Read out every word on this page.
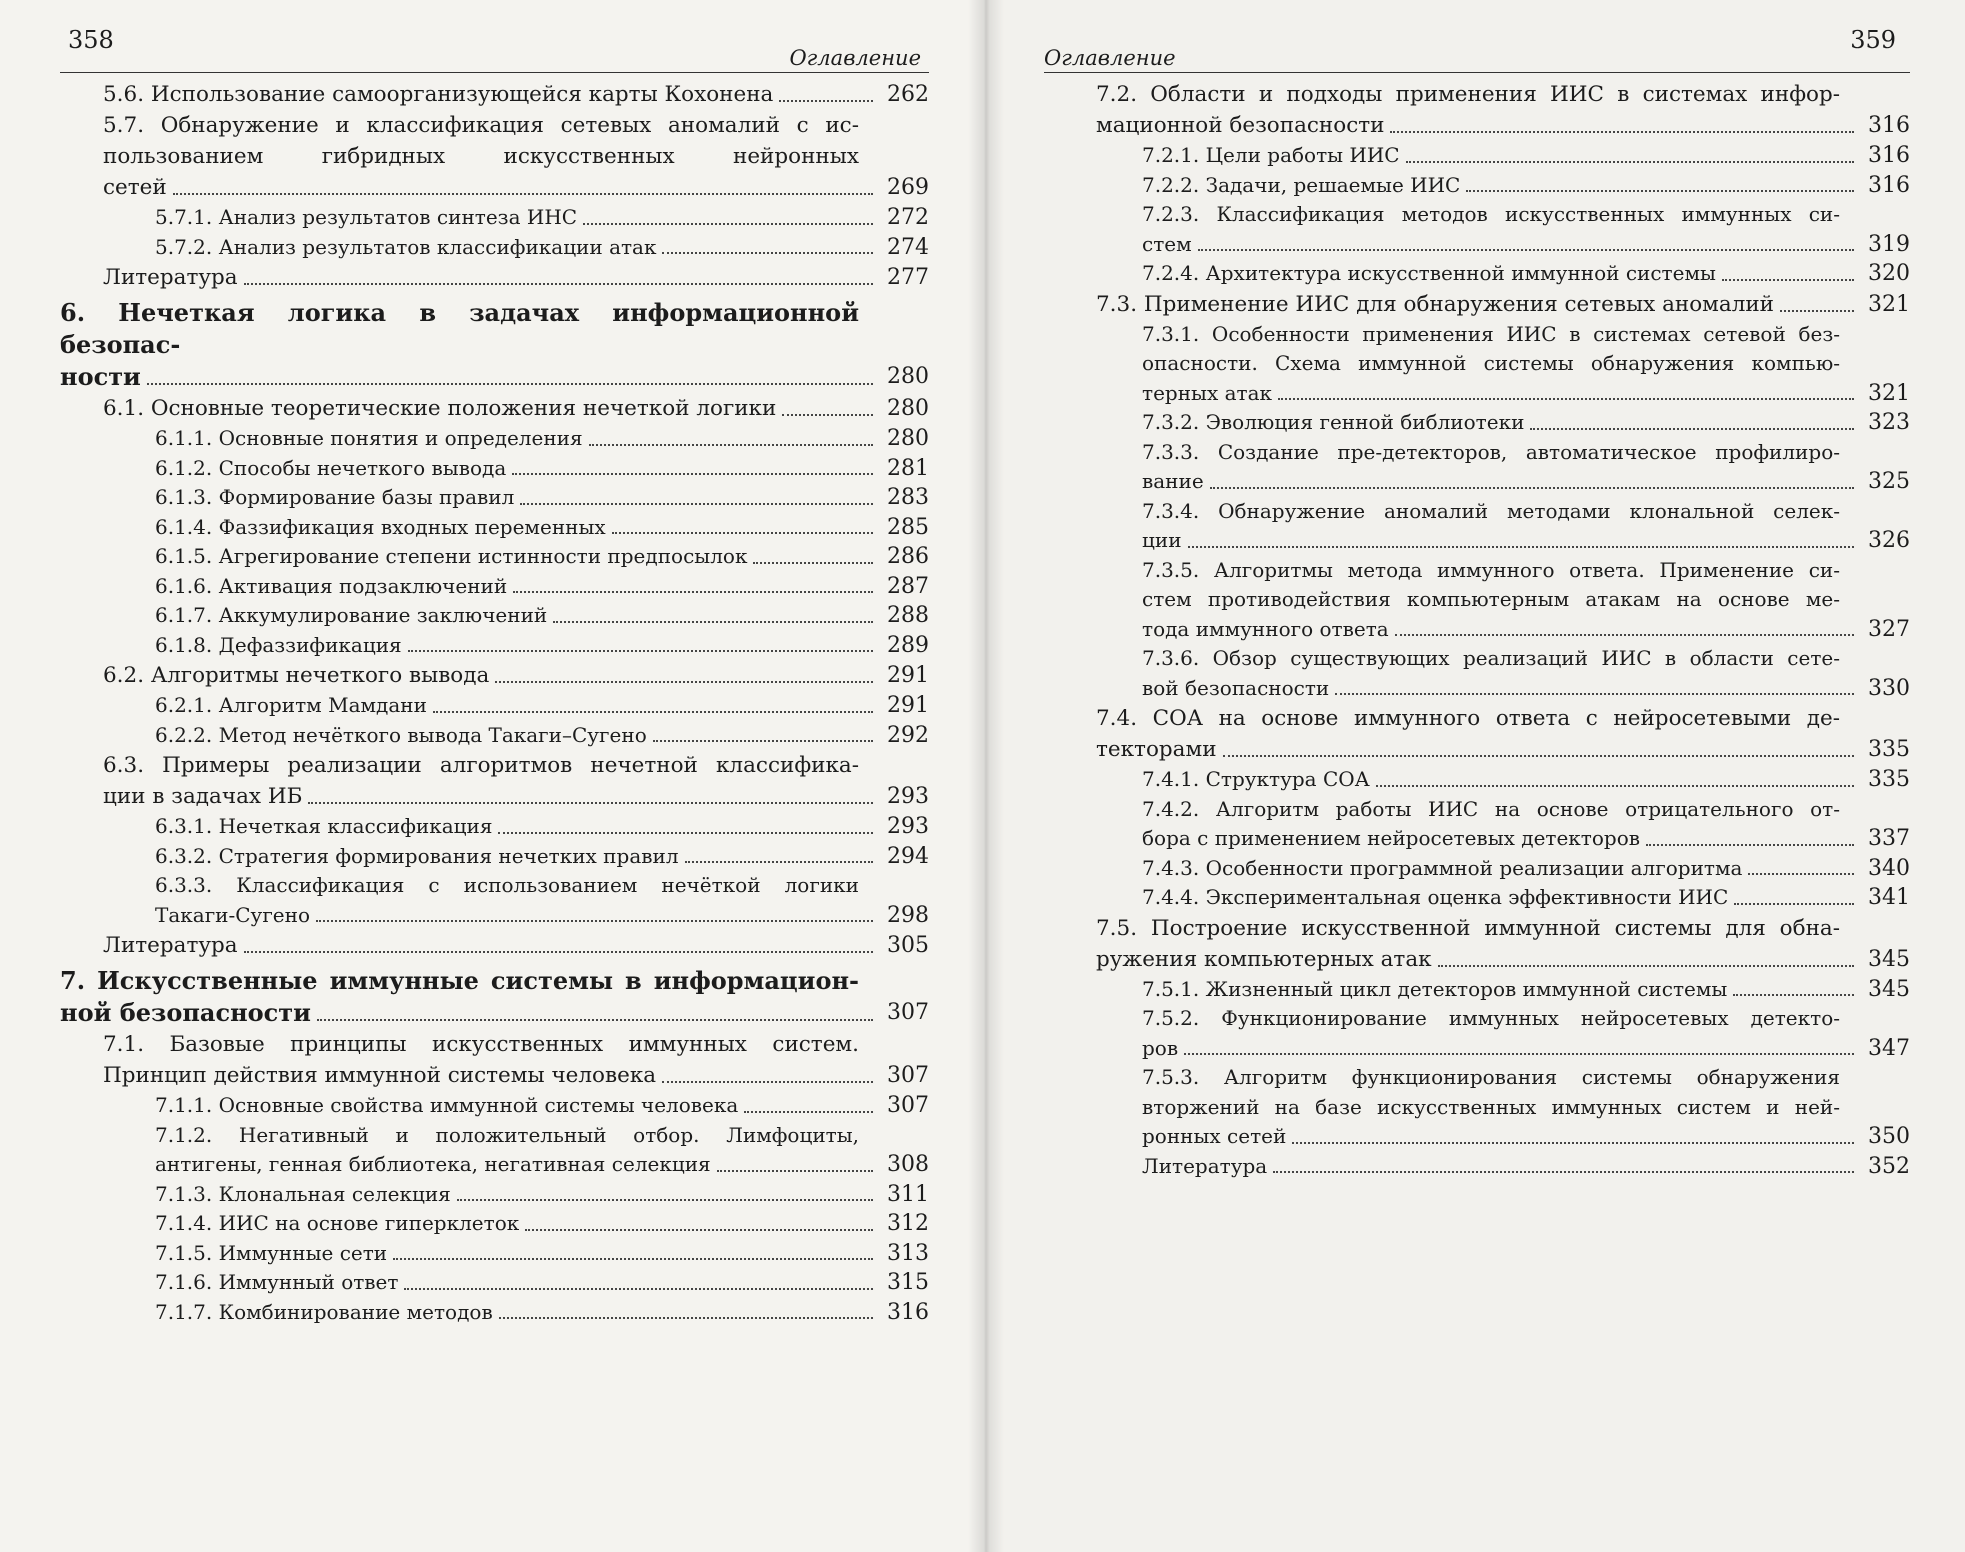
358
Оглавление
5.6. Использование самоорганизующейся карты Кохонена	262
5.7. Обнаружение и классификация сетевых аномалий с ис-
пользованием гибридных искусственных нейронных
сетей	269
5.7.1. Анализ результатов синтеза ИНС	272
5.7.2. Анализ результатов классификации атак	274
Литература	277
6. Нечеткая логика в задачах информационной безопас-
ности	280
6.1. Основные теоретические положения нечеткой логики	280
6.1.1. Основные понятия и определения	280
6.1.2. Способы нечеткого вывода	281
6.1.3. Формирование базы правил	283
6.1.4. Фаззификация входных переменных	285
6.1.5. Агрегирование степени истинности предпосылок	286
6.1.6. Активация подзаключений	287
6.1.7. Аккумулирование заключений	288
6.1.8. Дефаззификация	289
6.2. Алгоритмы нечеткого вывода	291
6.2.1. Алгоритм Мамдани	291
6.2.2. Метод нечёткого вывода Такаги–Сугено	292
6.3. Примеры реализации алгоритмов нечетной классифика-
ции в задачах ИБ	293
6.3.1. Нечеткая классификация	293
6.3.2. Стратегия формирования нечетких правил	294
6.3.3. Классификация с использованием нечёткой логики
Такаги-Сугено	298
Литература	305
7. Искусственные иммунные системы в информацион-
ной безопасности	307
7.1. Базовые принципы искусственных иммунных систем.
Принцип действия иммунной системы человека	307
7.1.1. Основные свойства иммунной системы человека	307
7.1.2. Негативный и положительный отбор. Лимфоциты,
антигены, генная библиотека, негативная селекция	308
7.1.3. Клональная селекция	311
7.1.4. ИИС на основе гиперклеток	312
7.1.5. Иммунные сети	313
7.1.6. Иммунный ответ	315
7.1.7. Комбинирование методов	316
Оглавление
359
7.2. Области и подходы применения ИИС в системах инфор-
мационной безопасности	316
7.2.1. Цели работы ИИС	316
7.2.2. Задачи, решаемые ИИС	316
7.2.3. Классификация методов искусственных иммунных си-
стем	319
7.2.4. Архитектура искусственной иммунной системы	320
7.3. Применение ИИС для обнаружения сетевых аномалий	321
7.3.1. Особенности применения ИИС в системах сетевой без-
опасности. Схема иммунной системы обнаружения компью-
терных атак	321
7.3.2. Эволюция генной библиотеки	323
7.3.3. Создание пре-детекторов, автоматическое профилиро-
вание	325
7.3.4. Обнаружение аномалий методами клональной селек-
ции	326
7.3.5. Алгоритмы метода иммунного ответа. Применение си-
стем противодействия компьютерным атакам на основе ме-
тода иммунного ответа	327
7.3.6. Обзор существующих реализаций ИИС в области сете-
вой безопасности	330
7.4. СОА на основе иммунного ответа с нейросетевыми де-
текторами	335
7.4.1. Структура СОА	335
7.4.2. Алгоритм работы ИИС на основе отрицательного от-
бора с применением нейросетевых детекторов	337
7.4.3. Особенности программной реализации алгоритма	340
7.4.4. Экспериментальная оценка эффективности ИИС	341
7.5. Построение искусственной иммунной системы для обна-
ружения компьютерных атак	345
7.5.1. Жизненный цикл детекторов иммунной системы	345
7.5.2. Функционирование иммунных нейросетевых детекто-
ров	347
7.5.3. Алгоритм функционирования системы обнаружения
вторжений на базе искусственных иммунных систем и ней-
ронных сетей	350
Литература	352
